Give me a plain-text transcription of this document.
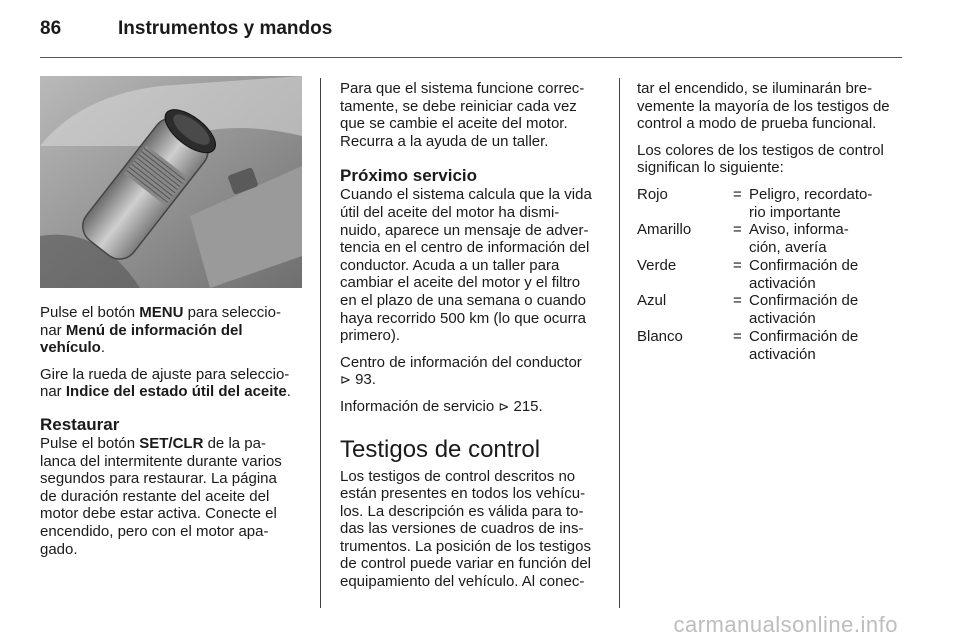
86	Instrumentos y mandos

Pulse el botón MENU para seleccio-
nar Menú de información del
vehículo.

Gire la rueda de ajuste para seleccio-
nar Indice del estado útil del aceite.

Restaurar

Pulse el botón SET/CLR de la pa-
lanca del intermitente durante varios
segundos para restaurar. La página
de duración restante del aceite del
motor debe estar activa. Conecte el
encendido, pero con el motor apa-
gado.

Para que el sistema funcione correc-
tamente, se debe reiniciar cada vez
que se cambie el aceite del motor.
Recurra a la ayuda de un taller.

Próximo servicio

Cuando el sistema calcula que la vida
útil del aceite del motor ha dismi-
nuido, aparece un mensaje de adver-
tencia en el centro de información del
conductor. Acuda a un taller para
cambiar el aceite del motor y el filtro
en el plazo de una semana o cuando
haya recorrido 500 km (lo que ocurra
primero).

Centro de información del conductor
⊳ 93.

Información de servicio ⊳ 215.

Testigos de control

Los testigos de control descritos no
están presentes en todos los vehícu-
los. La descripción es válida para to-
das las versiones de cuadros de ins-
trumentos. La posición de los testigos
de control puede variar en función del
equipamiento del vehículo. Al conec-

tar el encendido, se iluminarán bre-
vemente la mayoría de los testigos de
control a modo de prueba funcional.

Los colores de los testigos de control
significan lo siguiente:

Rojo	= Peligro, recordato-
rio importante
Amarillo	= Aviso, informa-
ción, avería
Verde	= Confirmación de
activación
Azul	= Confirmación de
activación
Blanco	= Confirmación de
activación
carmanualsonline.info
